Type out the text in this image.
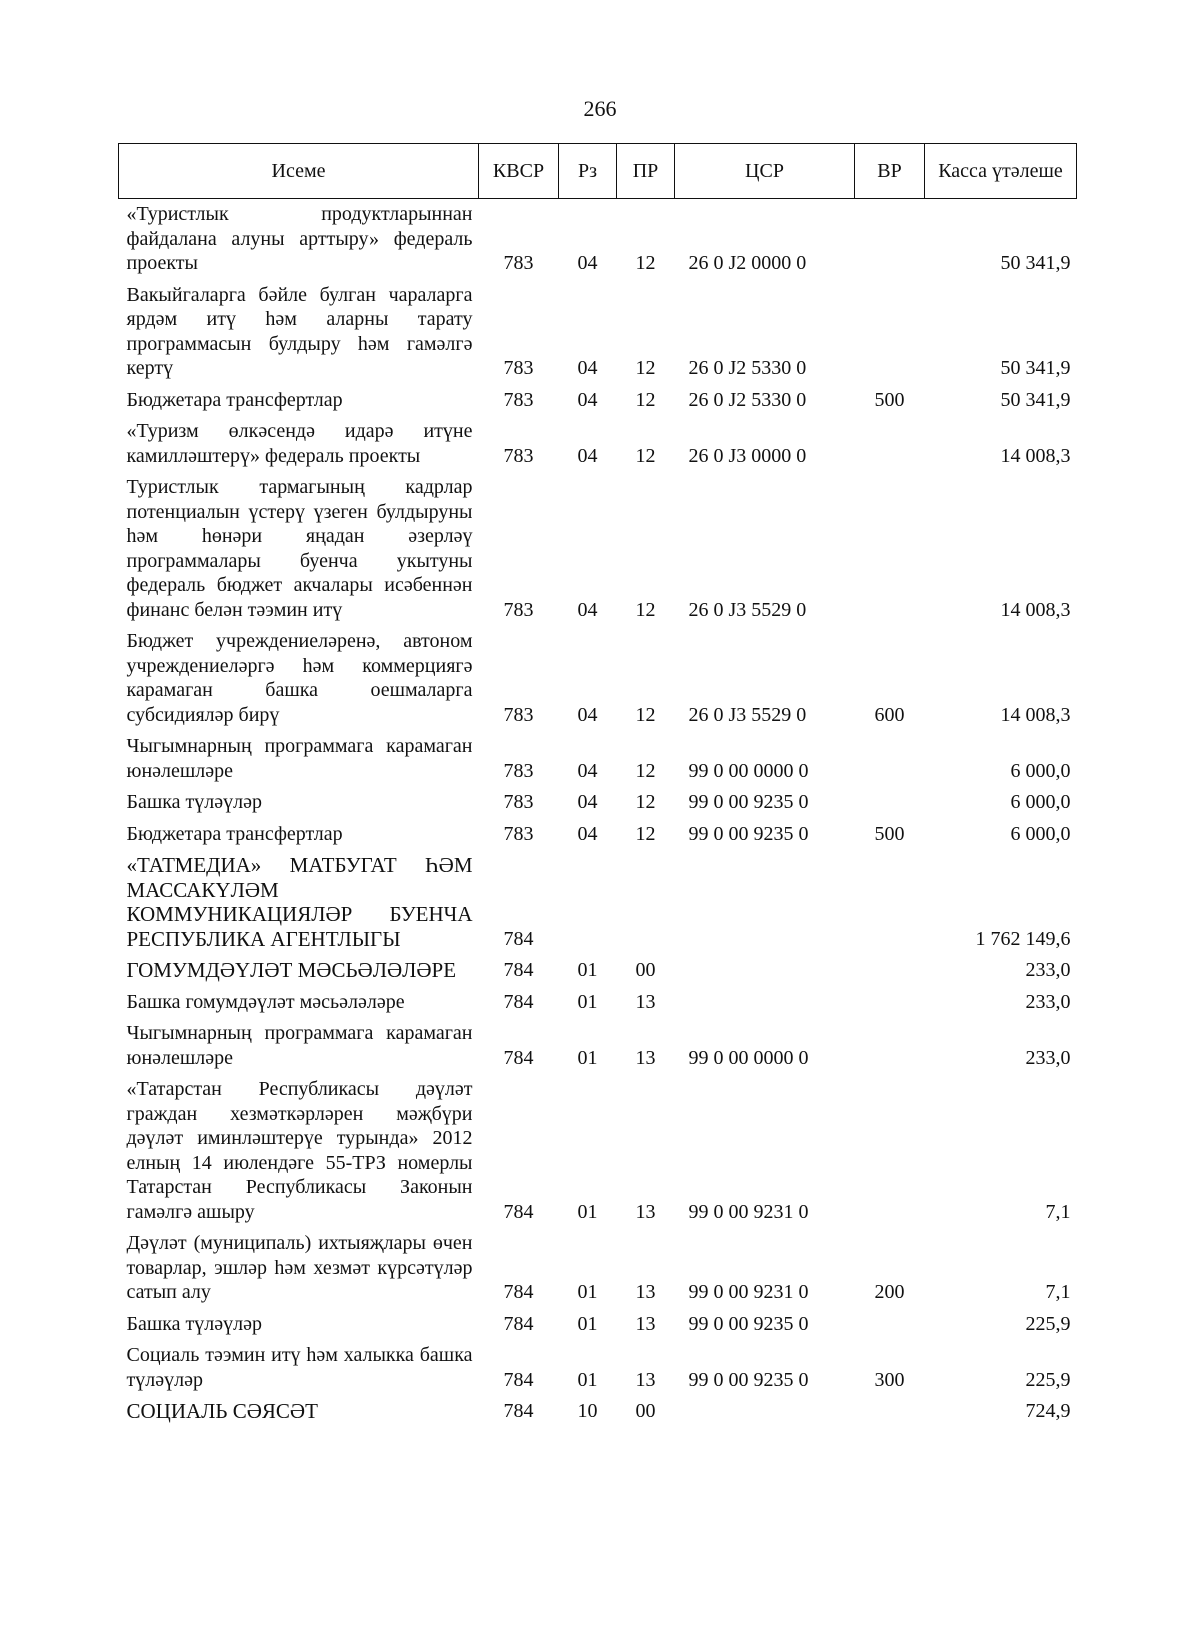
266
Исеме	КВСР	Рз	ПР	ЦСР	ВР	Касса үтәлеше
«Туристлык продуктларыннан файдалана алуны арттыру» федераль проекты	783	04	12	26 0 J2 0000 0		50 341,9
Вакыйгаларга бәйле булган чараларга ярдәм итү һәм аларны тарату программасын булдыру һәм гамәлгә кертү	783	04	12	26 0 J2 5330 0		50 341,9
Бюджетара трансфертлар	783	04	12	26 0 J2 5330 0	500	50 341,9
«Туризм өлкәсендә идарә итүне камилләштерү» федераль проекты	783	04	12	26 0 J3 0000 0		14 008,3
Туристлык тармагының кадрлар потенциалын үстерү үзеген булдыруны һәм һөнәри яңадан әзерләү программалары буенча укытуны федераль бюджет акчалары исәбеннән финанс белән тәэмин итү	783	04	12	26 0 J3 5529 0		14 008,3
Бюджет учреждениеләренә, автоном учреждениеләргә һәм коммерциягә карамаган башка оешмаларга субсидияләр бирү	783	04	12	26 0 J3 5529 0	600	14 008,3
Чыгымнарның программага карамаган юнәлешләре	783	04	12	99 0 00 0000 0		6 000,0
Башка түләүләр	783	04	12	99 0 00 9235 0		6 000,0
Бюджетара трансфертлар	783	04	12	99 0 00 9235 0	500	6 000,0
«ТАТМЕДИА» МАТБУГАТ ҺӘМ МАССАКҮЛӘМ КОММУНИКАЦИЯЛӘР БУЕНЧА РЕСПУБЛИКА АГЕНТЛЫГЫ	784					1 762 149,6
ГОМУМДӘҮЛӘТ МӘСЬӘЛӘЛӘРЕ	784	01	00			233,0
Башка гомумдәүләт мәсьәләләре	784	01	13			233,0
Чыгымнарның программага карамаган юнәлешләре	784	01	13	99 0 00 0000 0		233,0
«Татарстан Республикасы дәүләт граждан хезмәткәрләрен мәҗбүри дәүләт иминләштерүе турында» 2012 елның 14 июлендәге 55-ТРЗ номерлы Татарстан Республикасы Законын гамәлгә ашыру	784	01	13	99 0 00 9231 0		7,1
Дәүләт (муниципаль) ихтыяҗлары өчен товарлар, эшләр һәм хезмәт күрсәтүләр сатып алу	784	01	13	99 0 00 9231 0	200	7,1
Башка түләүләр	784	01	13	99 0 00 9235 0		225,9
Социаль тәэмин итү һәм халыкка башка түләүләр	784	01	13	99 0 00 9235 0	300	225,9
СОЦИАЛЬ СӘЯСӘТ	784	10	00			724,9
